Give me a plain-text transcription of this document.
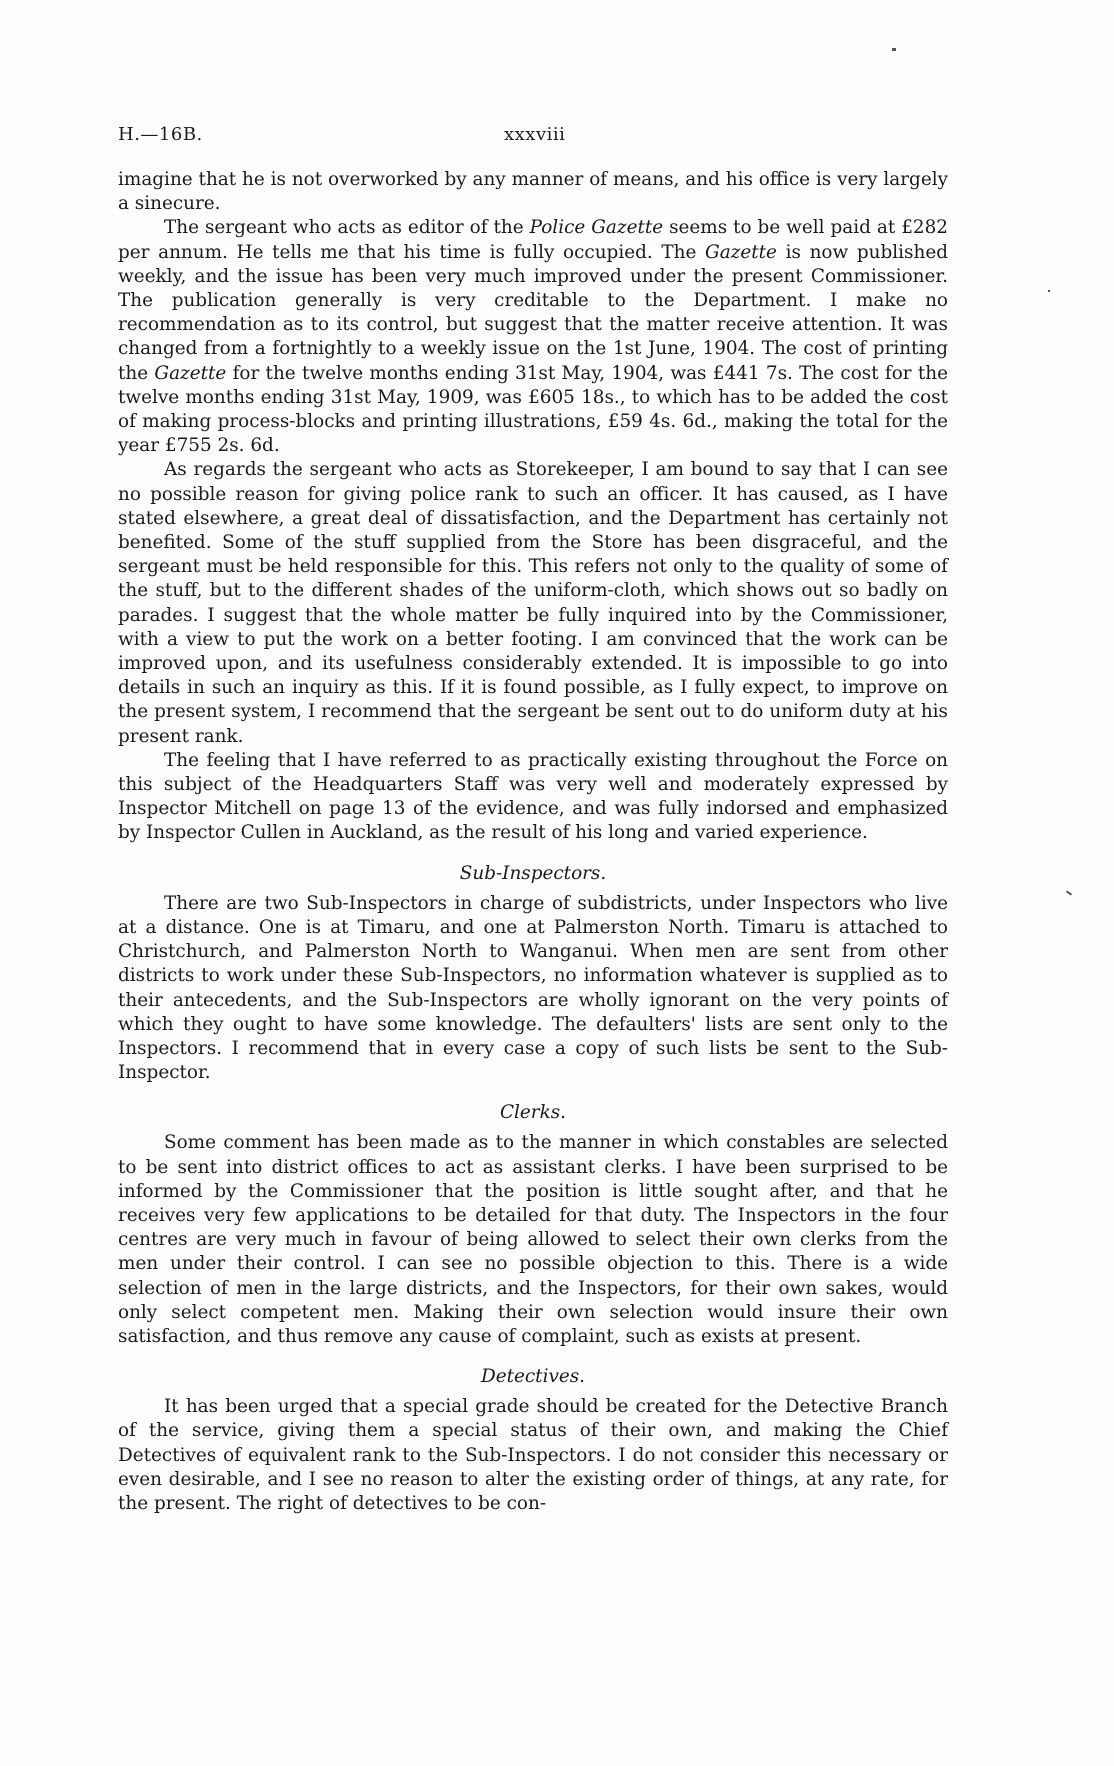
H.—16B.	xxxviii

imagine that he is not overworked by any manner of means, and his office is very largely a sinecure.

The sergeant who acts as editor of the Police Gazette seems to be well paid at £282 per annum. He tells me that his time is fully occupied. The Gazette is now published weekly, and the issue has been very much improved under the present Commissioner. The publication generally is very creditable to the Department. I make no recommendation as to its control, but suggest that the matter receive attention. It was changed from a fortnightly to a weekly issue on the 1st June, 1904. The cost of printing the Gazette for the twelve months ending 31st May, 1904, was £441 7s. The cost for the twelve months ending 31st May, 1909, was £605 18s., to which has to be added the cost of making process-blocks and printing illustrations, £59 4s. 6d., making the total for the year £755 2s. 6d.

As regards the sergeant who acts as Storekeeper, I am bound to say that I can see no possible reason for giving police rank to such an officer. It has caused, as I have stated elsewhere, a great deal of dissatisfaction, and the Department has certainly not benefited. Some of the stuff supplied from the Store has been disgraceful, and the sergeant must be held responsible for this. This refers not only to the quality of some of the stuff, but to the different shades of the uniform-cloth, which shows out so badly on parades. I suggest that the whole matter be fully inquired into by the Commissioner, with a view to put the work on a better footing. I am convinced that the work can be improved upon, and its usefulness considerably extended. It is impossible to go into details in such an inquiry as this. If it is found possible, as I fully expect, to improve on the present system, I recommend that the sergeant be sent out to do uniform duty at his present rank.

The feeling that I have referred to as practically existing throughout the Force on this subject of the Headquarters Staff was very well and moderately expressed by Inspector Mitchell on page 13 of the evidence, and was fully indorsed and emphasized by Inspector Cullen in Auckland, as the result of his long and varied experience.

Sub-Inspectors.

There are two Sub-Inspectors in charge of subdistricts, under Inspectors who live at a distance. One is at Timaru, and one at Palmerston North. Timaru is attached to Christchurch, and Palmerston North to Wanganui. When men are sent from other districts to work under these Sub-Inspectors, no information whatever is supplied as to their antecedents, and the Sub-Inspectors are wholly ignorant on the very points of which they ought to have some knowledge. The defaulters' lists are sent only to the Inspectors. I recommend that in every case a copy of such lists be sent to the Sub-Inspector.

Clerks.

Some comment has been made as to the manner in which constables are selected to be sent into district offices to act as assistant clerks. I have been surprised to be informed by the Commissioner that the position is little sought after, and that he receives very few applications to be detailed for that duty. The Inspectors in the four centres are very much in favour of being allowed to select their own clerks from the men under their control. I can see no possible objection to this. There is a wide selection of men in the large districts, and the Inspectors, for their own sakes, would only select competent men. Making their own selection would insure their own satisfaction, and thus remove any cause of complaint, such as exists at present.

Detectives.

It has been urged that a special grade should be created for the Detective Branch of the service, giving them a special status of their own, and making the Chief Detectives of equivalent rank to the Sub-Inspectors. I do not consider this necessary or even desirable, and I see no reason to alter the existing order of things, at any rate, for the present. The right of detectives to be con-
